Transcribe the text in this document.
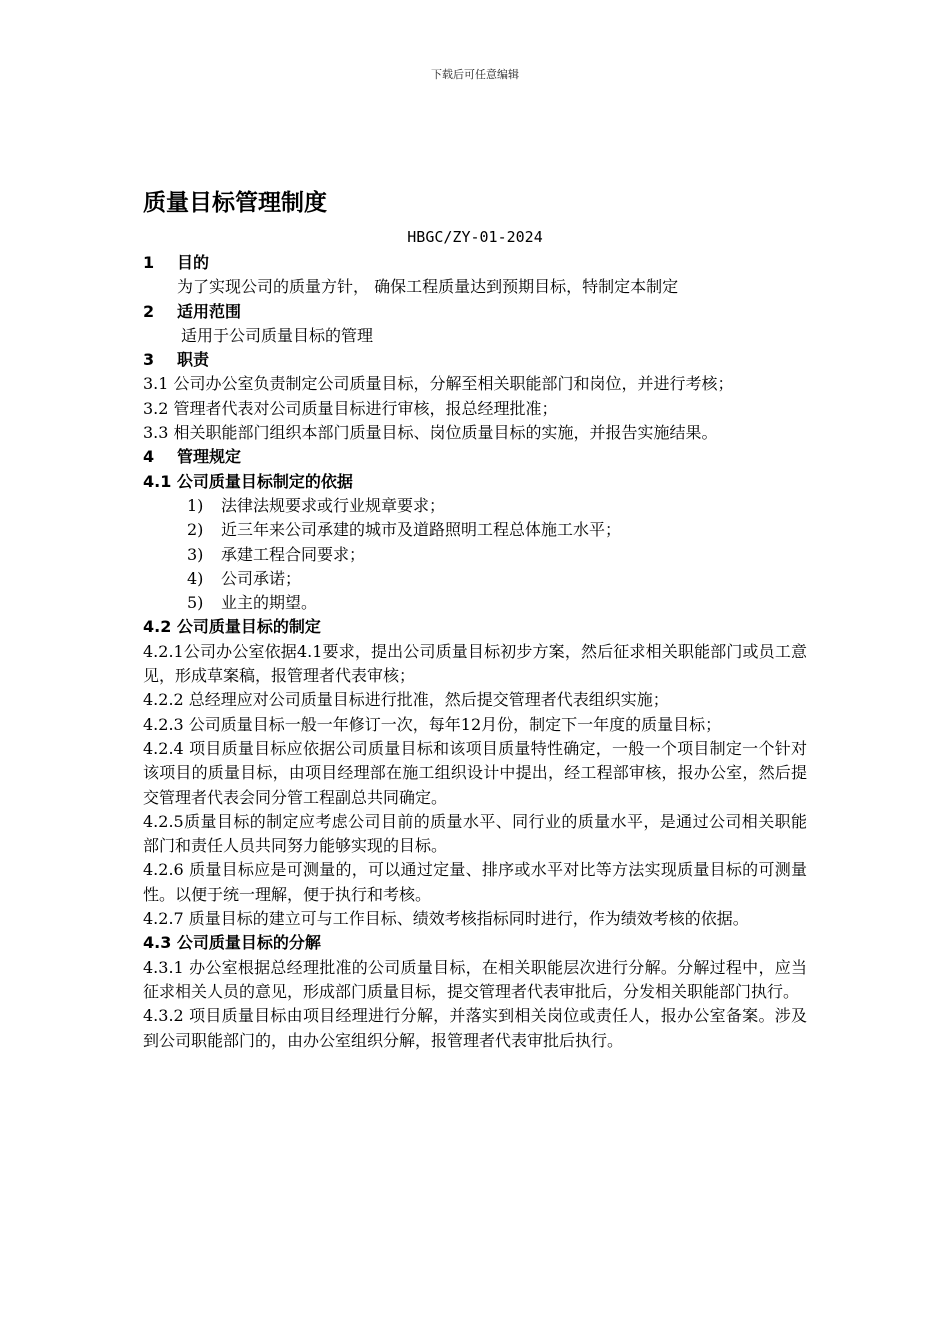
下载后可任意编辑
质量目标管理制度
HBGC/ZY-01-2024

1 目的

为了实现公司的质量方针， 确保工程质量达到预期目标，特制定本制定

2 适用范围

适用于公司质量目标的管理

3 职责

3.1 公司办公室负责制定公司质量目标，分解至相关职能部门和岗位，并进行考核；

3.2 管理者代表对公司质量目标进行审核，报总经理批准；

3.3 相关职能部门组织本部门质量目标、岗位质量目标的实施，并报告实施结果。

4 管理规定

4.1 公司质量目标制定的依据

1) 法律法规要求或行业规章要求；

2) 近三年来公司承建的城市及道路照明工程总体施工水平；

3) 承建工程合同要求；

4) 公司承诺；

5) 业主的期望。

4.2 公司质量目标的制定

4.2.1公司办公室依据4.1要求，提出公司质量目标初步方案，然后征求相关职能部门或员工意见，形成草案稿，报管理者代表审核；

4.2.2 总经理应对公司质量目标进行批准，然后提交管理者代表组织实施；

4.2.3 公司质量目标一般一年修订一次，每年12月份，制定下一年度的质量目标；

4.2.4 项目质量目标应依据公司质量目标和该项目质量特性确定，一般一个项目制定一个针对该项目的质量目标，由项目经理部在施工组织设计中提出，经工程部审核，报办公室，然后提交管理者代表会同分管工程副总共同确定。

4.2.5质量目标的制定应考虑公司目前的质量水平、同行业的质量水平，是通过公司相关职能部门和责任人员共同努力能够实现的目标。

4.2.6 质量目标应是可测量的，可以通过定量、排序或水平对比等方法实现质量目标的可测量性。以便于统一理解，便于执行和考核。

4.2.7 质量目标的建立可与工作目标、绩效考核指标同时进行，作为绩效考核的依据。

4.3 公司质量目标的分解

4.3.1 办公室根据总经理批准的公司质量目标，在相关职能层次进行分解。分解过程中，应当征求相关人员的意见，形成部门质量目标，提交管理者代表审批后，分发相关职能部门执行。

4.3.2 项目质量目标由项目经理进行分解，并落实到相关岗位或责任人，报办公室备案。涉及到公司职能部门的，由办公室组织分解，报管理者代表审批后执行。
